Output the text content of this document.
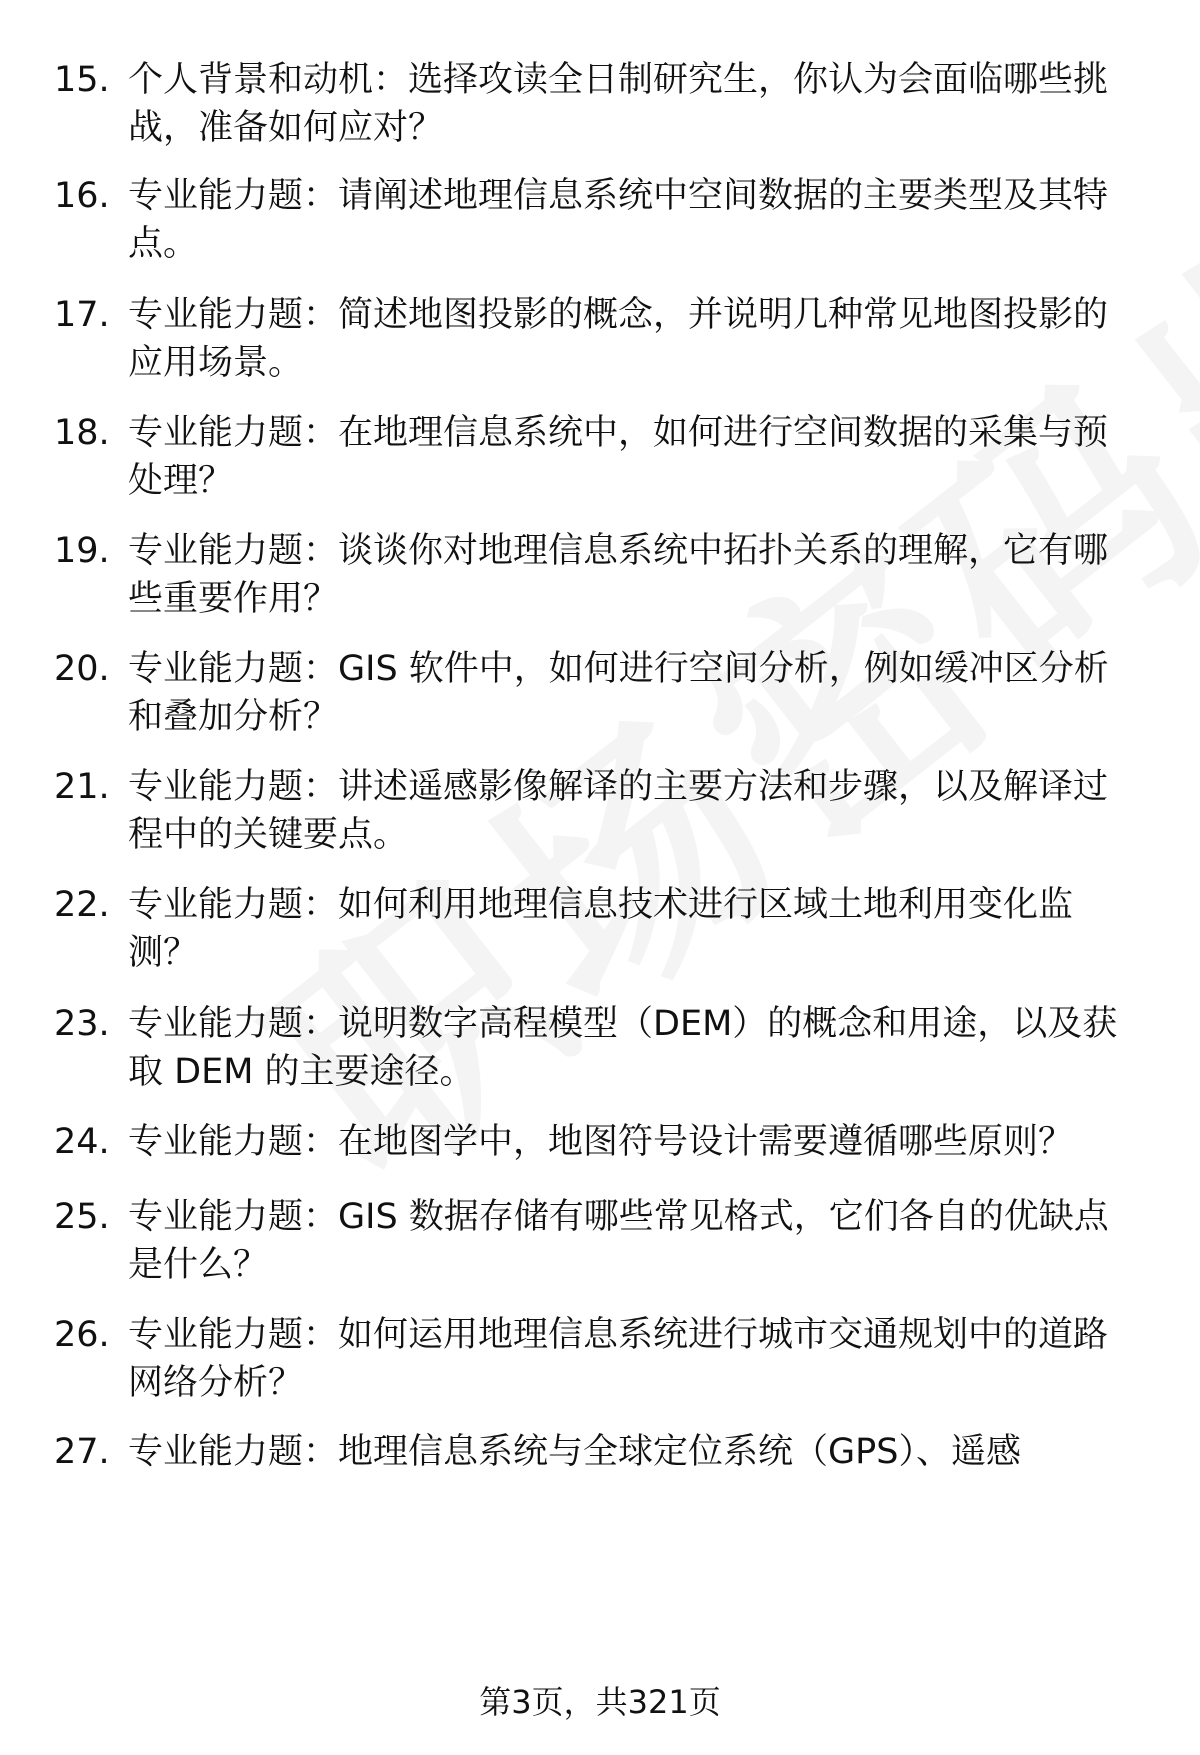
15. 个人背景和动机：选择攻读全日制研究生，你认为会面临哪些挑
战，准备如何应对？
16. 专业能力题：请阐述地理信息系统中空间数据的主要类型及其特
点。
17. 专业能力题：简述地图投影的概念，并说明几种常见地图投影的
应用场景。
18. 专业能力题：在地理信息系统中，如何进行空间数据的采集与预
处理？
19. 专业能力题：谈谈你对地理信息系统中拓扑关系的理解，它有哪
些重要作用？
20. 专业能力题：GIS 软件中，如何进行空间分析，例如缓冲区分析
和叠加分析？
21. 专业能力题：讲述遥感影像解译的主要方法和步骤，以及解译过
程中的关键要点。
22. 专业能力题：如何利用地理信息技术进行区域土地利用变化监
测？
23. 专业能力题：说明数字高程模型（DEM）的概念和用途，以及获
取 DEM 的主要途径。
24. 专业能力题：在地图学中，地图符号设计需要遵循哪些原则？
25. 专业能力题：GIS 数据存储有哪些常见格式，它们各自的优缺点
是什么？
26. 专业能力题：如何运用地理信息系统进行城市交通规划中的道路
网络分析？
27. 专业能力题：地理信息系统与全球定位系统（GPS）、遥感
第3页，共321页
